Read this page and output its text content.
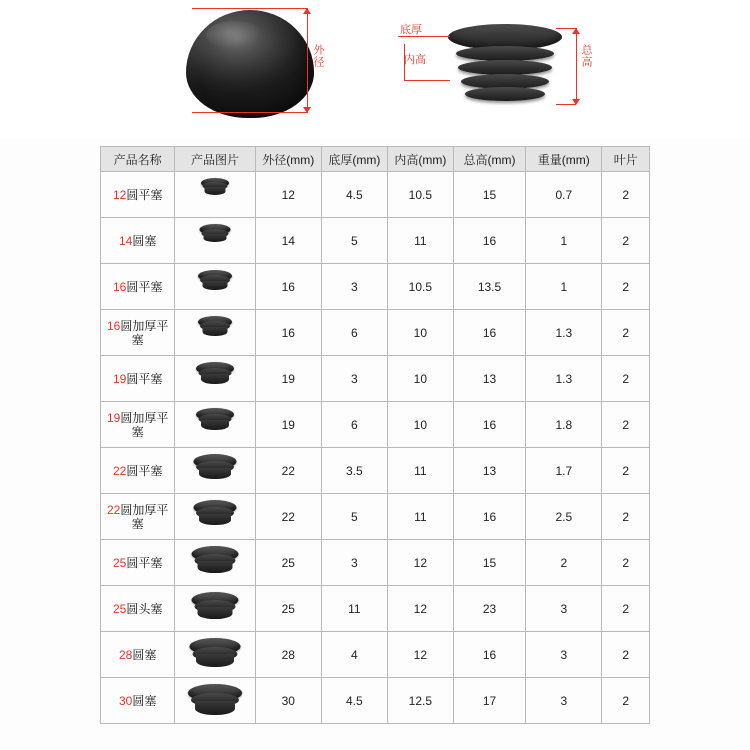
外径
底厚
内高	总高
产品名称	产品图片	外径(mm)	底厚(mm)	内高(mm)	总高(mm)	重量(mm)	叶片
12圆平塞		12	4.5	10.5	15	0.7	2
14圆塞		14	5	11	16	1	2
16圆平塞		16	3	10.5	13.5	1	2
16圆加厚平塞		16	6	10	16	1.3	2
19圆平塞		19	3	10	13	1.3	2
19圆加厚平塞		19	6	10	16	1.8	2
22圆平塞		22	3.5	11	13	1.7	2
22圆加厚平塞		22	5	11	16	2.5	2
25圆平塞		25	3	12	15	2	2
25圆头塞		25	11	12	23	3	2
28圆塞		28	4	12	16	3	2
30圆塞		30	4.5	12.5	17	3	2
